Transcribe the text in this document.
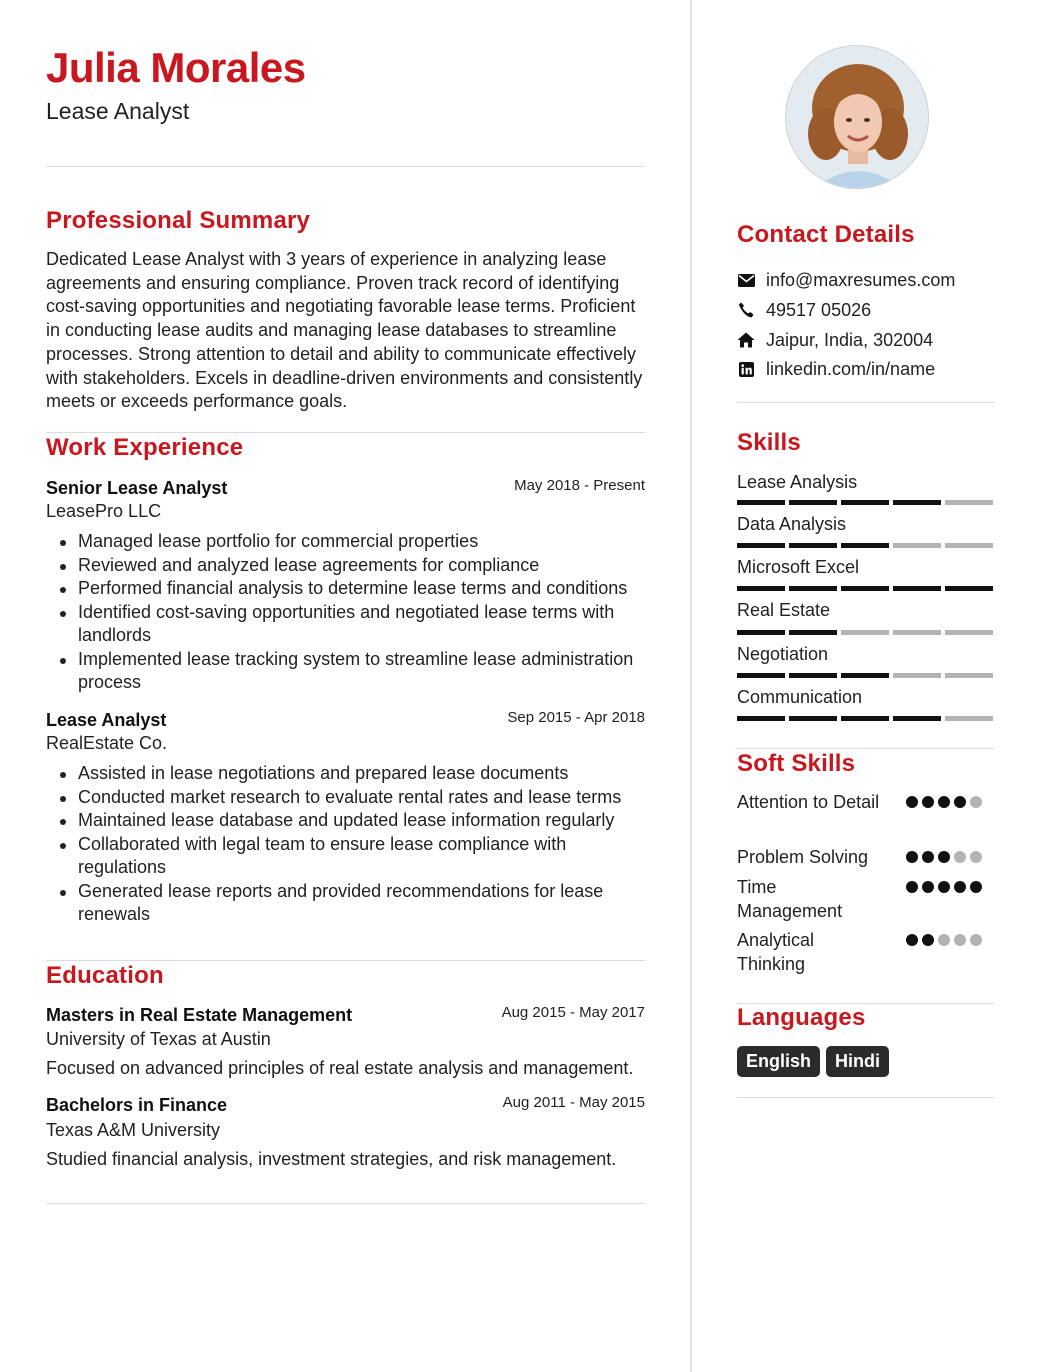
Julia Morales
Lease Analyst
Professional Summary
Dedicated Lease Analyst with 3 years of experience in analyzing lease agreements and ensuring compliance. Proven track record of identifying cost-saving opportunities and negotiating favorable lease terms. Proficient in conducting lease audits and managing lease databases to streamline processes. Strong attention to detail and ability to communicate effectively with stakeholders. Excels in deadline-driven environments and consistently meets or exceeds performance goals.
Work Experience
Senior Lease Analyst	May 2018 - Present
LeasePro LLC
Managed lease portfolio for commercial properties
Reviewed and analyzed lease agreements for compliance
Performed financial analysis to determine lease terms and conditions
Identified cost-saving opportunities and negotiated lease terms with landlords
Implemented lease tracking system to streamline lease administration process
Lease Analyst	Sep 2015 - Apr 2018
RealEstate Co.
Assisted in lease negotiations and prepared lease documents
Conducted market research to evaluate rental rates and lease terms
Maintained lease database and updated lease information regularly
Collaborated with legal team to ensure lease compliance with regulations
Generated lease reports and provided recommendations for lease renewals
Education
Masters in Real Estate Management	Aug 2015 - May 2017
University of Texas at Austin
Focused on advanced principles of real estate analysis and management.
Bachelors in Finance	Aug 2011 - May 2015
Texas A&M University
Studied financial analysis, investment strategies, and risk management.
Contact Details
info@maxresumes.com
49517 05026
Jaipur, India, 302004
linkedin.com/in/name
Skills
Lease Analysis
Data Analysis
Microsoft Excel
Real Estate
Negotiation
Communication
Soft Skills
Attention to Detail
Problem Solving
Time Management
Analytical Thinking
Languages
English	Hindi
